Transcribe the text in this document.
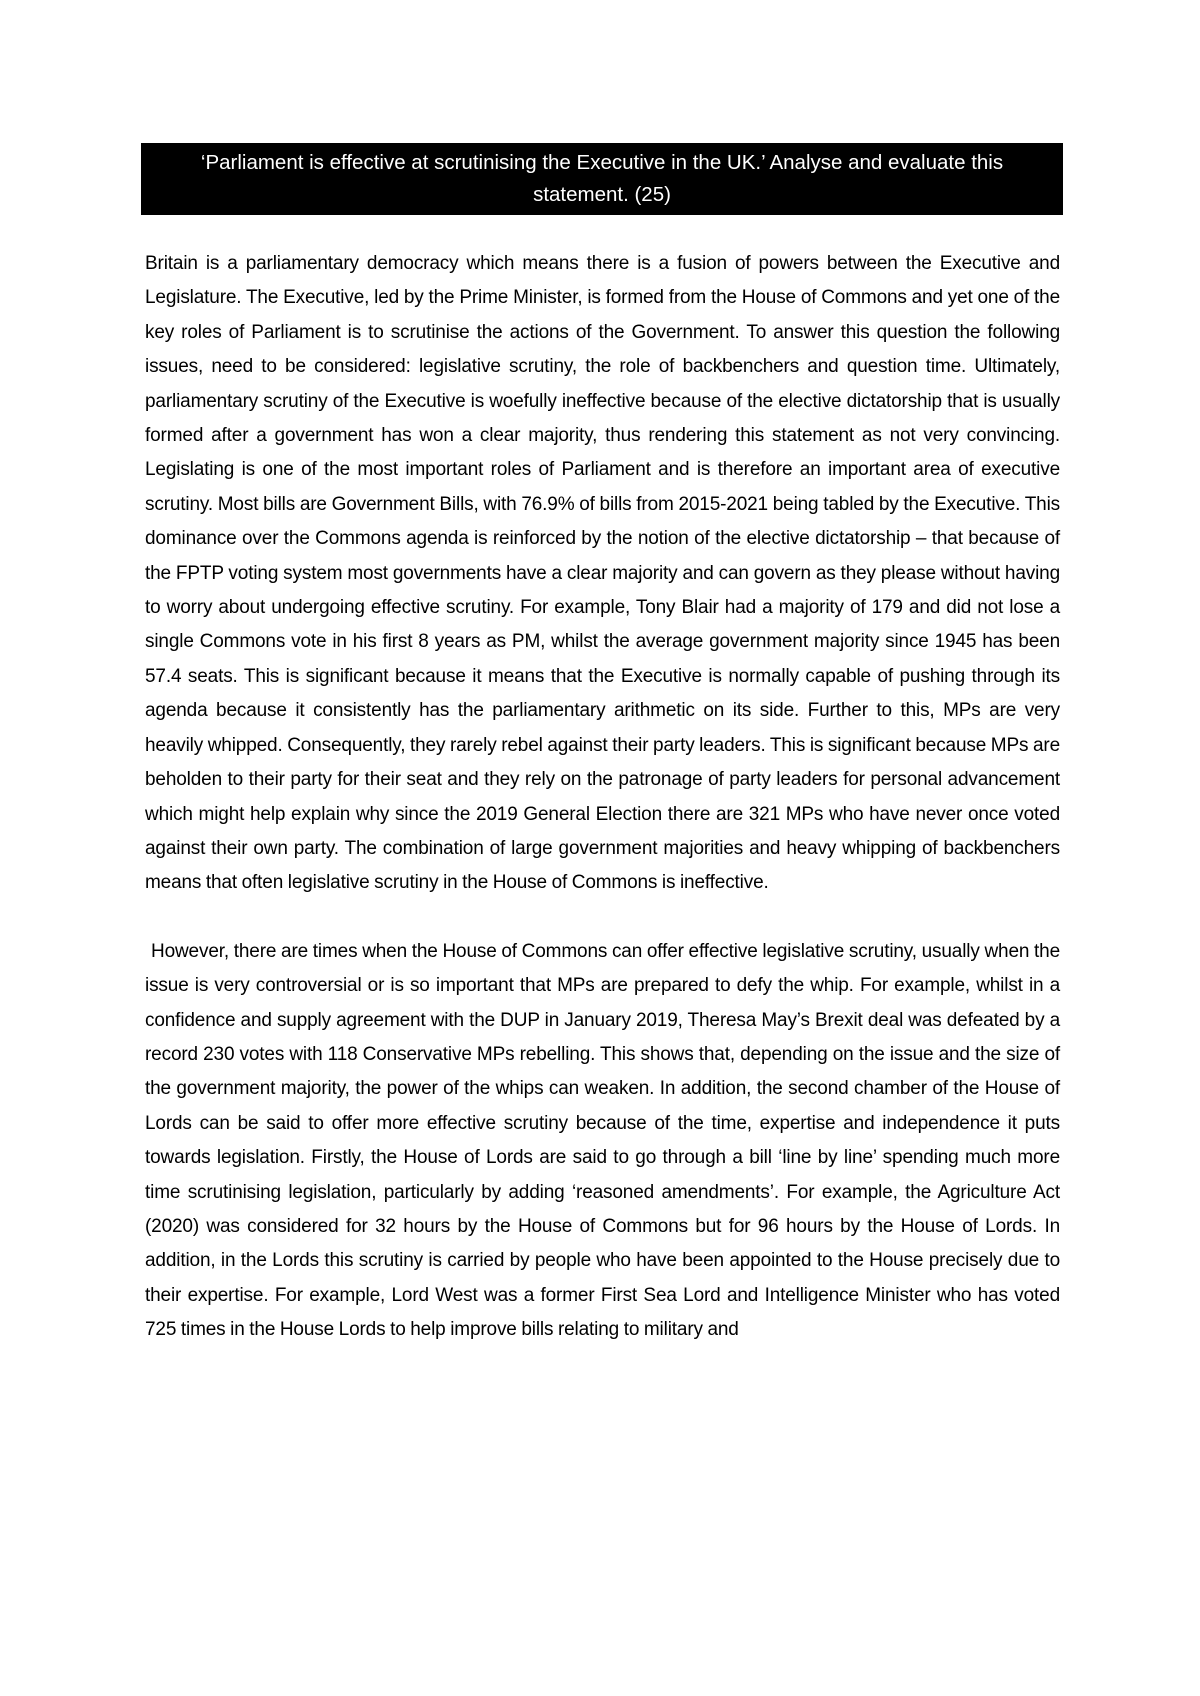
‘Parliament is effective at scrutinising the Executive in the UK.’ Analyse and evaluate this statement. (25)

Britain is a parliamentary democracy which means there is a fusion of powers between the Executive and Legislature. The Executive, led by the Prime Minister, is formed from the House of Commons and yet one of the key roles of Parliament is to scrutinise the actions of the Government. To answer this question the following issues, need to be considered: legislative scrutiny, the role of backbenchers and question time. Ultimately, parliamentary scrutiny of the Executive is woefully ineffective because of the elective dictatorship that is usually formed after a government has won a clear majority, thus rendering this statement as not very convincing. Legislating is one of the most important roles of Parliament and is therefore an important area of executive scrutiny. Most bills are Government Bills, with 76.9% of bills from 2015-2021 being tabled by the Executive. This dominance over the Commons agenda is reinforced by the notion of the elective dictatorship – that because of the FPTP voting system most governments have a clear majority and can govern as they please without having to worry about undergoing effective scrutiny. For example, Tony Blair had a majority of 179 and did not lose a single Commons vote in his first 8 years as PM, whilst the average government majority since 1945 has been 57.4 seats. This is significant because it means that the Executive is normally capable of pushing through its agenda because it consistently has the parliamentary arithmetic on its side. Further to this, MPs are very heavily whipped. Consequently, they rarely rebel against their party leaders. This is significant because MPs are beholden to their party for their seat and they rely on the patronage of party leaders for personal advancement which might help explain why since the 2019 General Election there are 321 MPs who have never once voted against their own party. The combination of large government majorities and heavy whipping of backbenchers means that often legislative scrutiny in the House of Commons is ineffective.

However, there are times when the House of Commons can offer effective legislative scrutiny, usually when the issue is very controversial or is so important that MPs are prepared to defy the whip. For example, whilst in a confidence and supply agreement with the DUP in January 2019, Theresa May’s Brexit deal was defeated by a record 230 votes with 118 Conservative MPs rebelling. This shows that, depending on the issue and the size of the government majority, the power of the whips can weaken. In addition, the second chamber of the House of Lords can be said to offer more effective scrutiny because of the time, expertise and independence it puts towards legislation. Firstly, the House of Lords are said to go through a bill ‘line by line’ spending much more time scrutinising legislation, particularly by adding ‘reasoned amendments’. For example, the Agriculture Act (2020) was considered for 32 hours by the House of Commons but for 96 hours by the House of Lords. In addition, in the Lords this scrutiny is carried by people who have been appointed to the House precisely due to their expertise. For example, Lord West was a former First Sea Lord and Intelligence Minister who has voted 725 times in the House Lords to help improve bills relating to military and
